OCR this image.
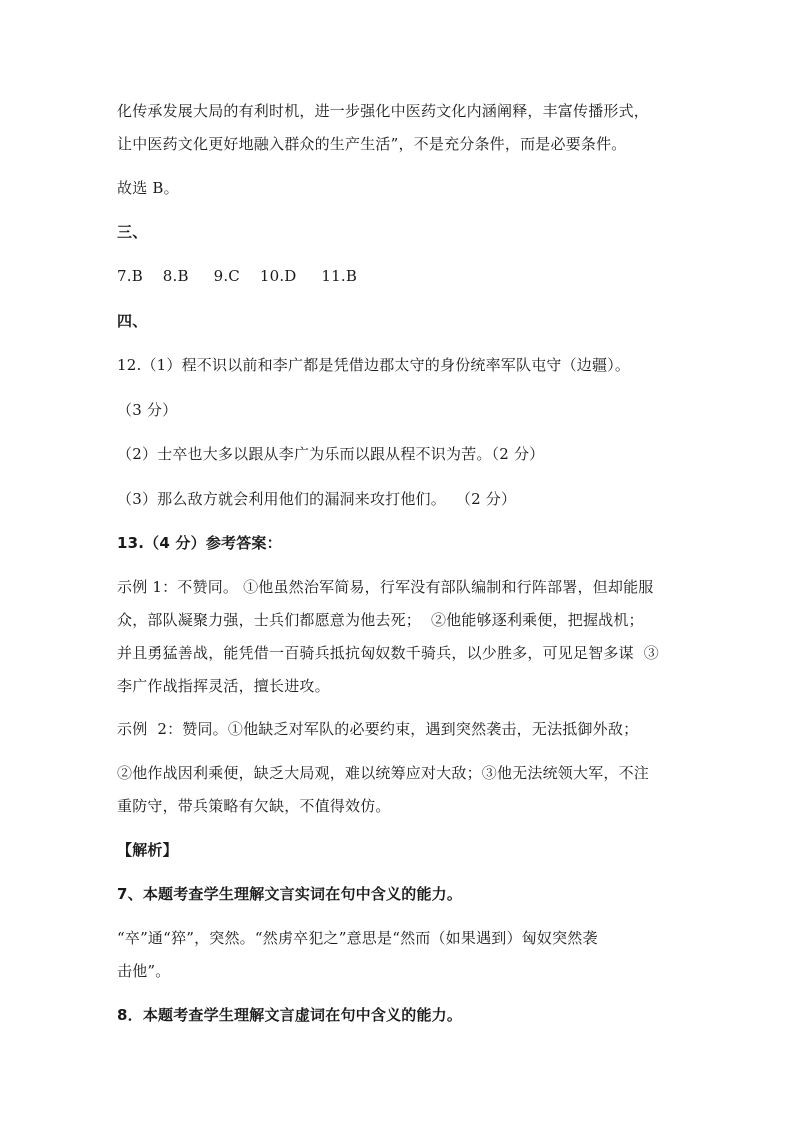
化传承发展大局的有利时机，进一步强化中医药文化内涵阐释，丰富传播形式，
让中医药文化更好地融入群众的生产生活”，不是充分条件，而是必要条件。
故选 B。
三、
7.B    8.B     9.C    10.D     11.B
四、
12.（1）程不识以前和李广都是凭借边郡太守的身份统率军队屯守（边疆）。
（3 分）
（2）士卒也大多以跟从李广为乐而以跟从程不识为苦。（2 分）
（3）那么敌方就会利用他们的漏洞来攻打他们。  （2 分）
13.（4 分）参考答案：
示例 1：不赞同。 ①他虽然治军简易，行军没有部队编制和行阵部署，但却能服
众，部队凝聚力强，士兵们都愿意为他去死；  ②他能够逐利乘便，把握战机；
并且勇猛善战，能凭借一百骑兵抵抗匈奴数千骑兵，以少胜多，可见足智多谋  ③
李广作战指挥灵活，擅长进攻。
示例  2：赞同。①他缺乏对军队的必要约束，遇到突然袭击，无法抵御外敌；
②他作战因利乘便，缺乏大局观，难以统筹应对大敌；③他无法统领大军，不注
重防守，带兵策略有欠缺，不值得效仿。
【解析】
7、本题考查学生理解文言实词在句中含义的能力。
“卒”通“猝”，突然。“然虏卒犯之”意思是“然而（如果遇到）匈奴突然袭
击他”。
8．本题考查学生理解文言虚词在句中含义的能力。
